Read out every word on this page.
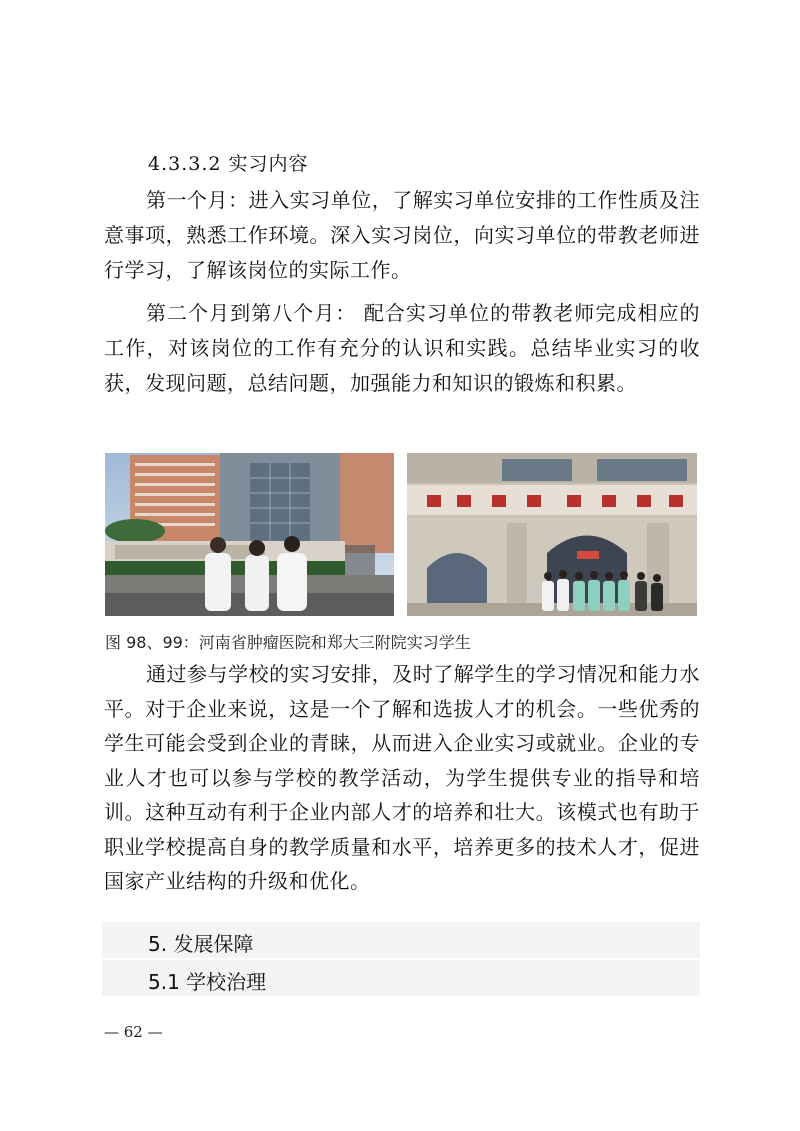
4.3.3.2 实习内容

第一个月：进入实习单位，了解实习单位安排的工作性质及注意事项，熟悉工作环境。深入实习岗位，向实习单位的带教老师进行学习，了解该岗位的实际工作。

第二个月到第八个月： 配合实习单位的带教老师完成相应的工作，对该岗位的工作有充分的认识和实践。总结毕业实习的收获，发现问题，总结问题，加强能力和知识的锻炼和积累。

图 98、99：河南省肿瘤医院和郑大三附院实习学生

通过参与学校的实习安排，及时了解学生的学习情况和能力水平。对于企业来说，这是一个了解和选拔人才的机会。一些优秀的学生可能会受到企业的青睐，从而进入企业实习或就业。企业的专业人才也可以参与学校的教学活动，为学生提供专业的指导和培训。这种互动有利于企业内部人才的培养和壮大。该模式也有助于职业学校提高自身的教学质量和水平，培养更多的技术人才，促进国家产业结构的升级和优化。

5. 发展保障
5.1 学校治理
— 62 —
